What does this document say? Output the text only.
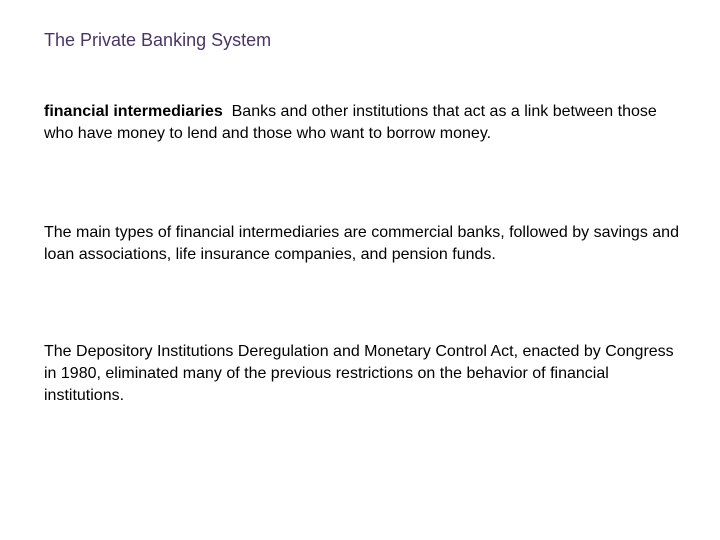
The Private Banking System
financial intermediaries Banks and other institutions that act as a link between those who have money to lend and those who want to borrow money.
The main types of financial intermediaries are commercial banks, followed by savings and loan associations, life insurance companies, and pension funds.
The Depository Institutions Deregulation and Monetary Control Act, enacted by Congress in 1980, eliminated many of the previous restrictions on the behavior of financial institutions.
